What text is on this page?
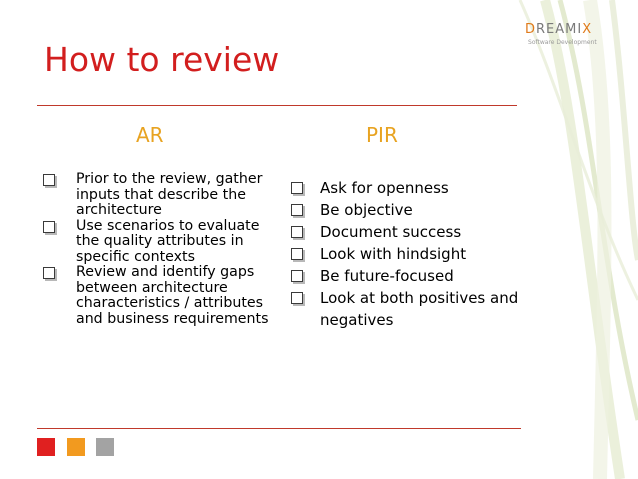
DREAMIX
Software Development
How to review
AR	PIR
Prior to the review, gather inputs that describe the architecture
Use scenarios to evaluate the quality attributes in specific contexts
Review and identify gaps between architecture characteristics / attributes and business requirements
Ask for openness
Be objective
Document success
Look with hindsight
Be future-focused
Look at both positives and negatives
